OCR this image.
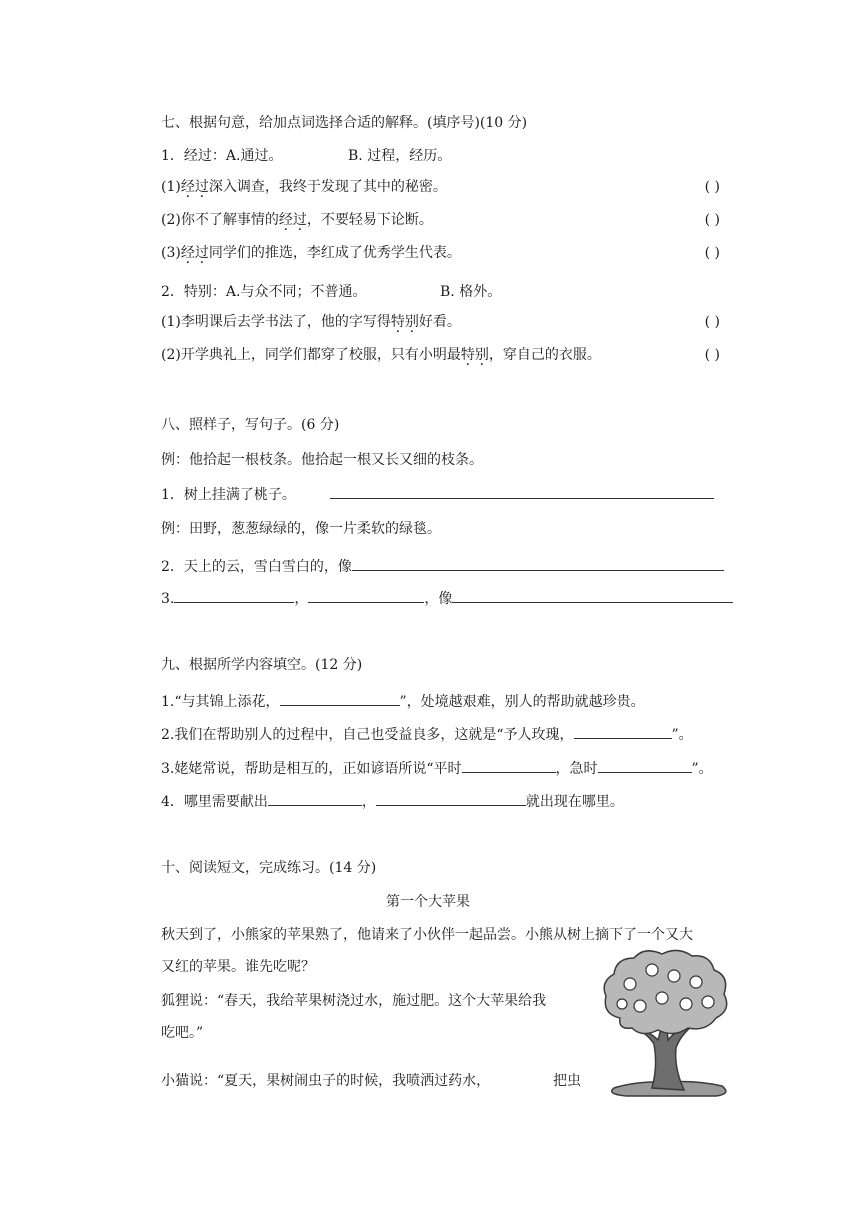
七、根据句意，给加点词选择合适的解释。(填序号)(10 分)
1．经过：A.通过。	B. 过程，经历。
(1)经过深入调查，我终于发现了其中的秘密。	( )
(2)你不了解事情的经过，不要轻易下论断。	( )
(3)经过同学们的推选，李红成了优秀学生代表。	( )
2．特别：A.与众不同；不普通。	B. 格外。
(1)李明课后去学书法了，他的字写得特别好看。	( )
(2)开学典礼上，同学们都穿了校服，只有小明最特别，穿自己的衣服。	( )
八、照样子，写句子。(6 分)
例：他拾起一根枝条。他拾起一根又长又细的枝条。
1．树上挂满了桃子。
例：田野，葱葱绿绿的，像一片柔软的绿毯。
2．天上的云，雪白雪白的，像
3.	，	，像
九、根据所学内容填空。(12 分)
1.“与其锦上添花，	”，处境越艰难，别人的帮助就越珍贵。
2.我们在帮助别人的过程中，自己也受益良多，这就是“予人玫瑰，	”。
3.姥姥常说，帮助是相互的，正如谚语所说“平时	，急时	”。
4．哪里需要献出	，	就出现在哪里。
十、阅读短文，完成练习。(14 分)
第一个大苹果
秋天到了，小熊家的苹果熟了，他请来了小伙伴一起品尝。小熊从树上摘下了一个又大
又红的苹果。谁先吃呢？
狐狸说：“春天，我给苹果树浇过水，施过肥。这个大苹果给我
吃吧。”
小猫说：“夏天，果树闹虫子的时候，我喷洒过药水，	把虫
